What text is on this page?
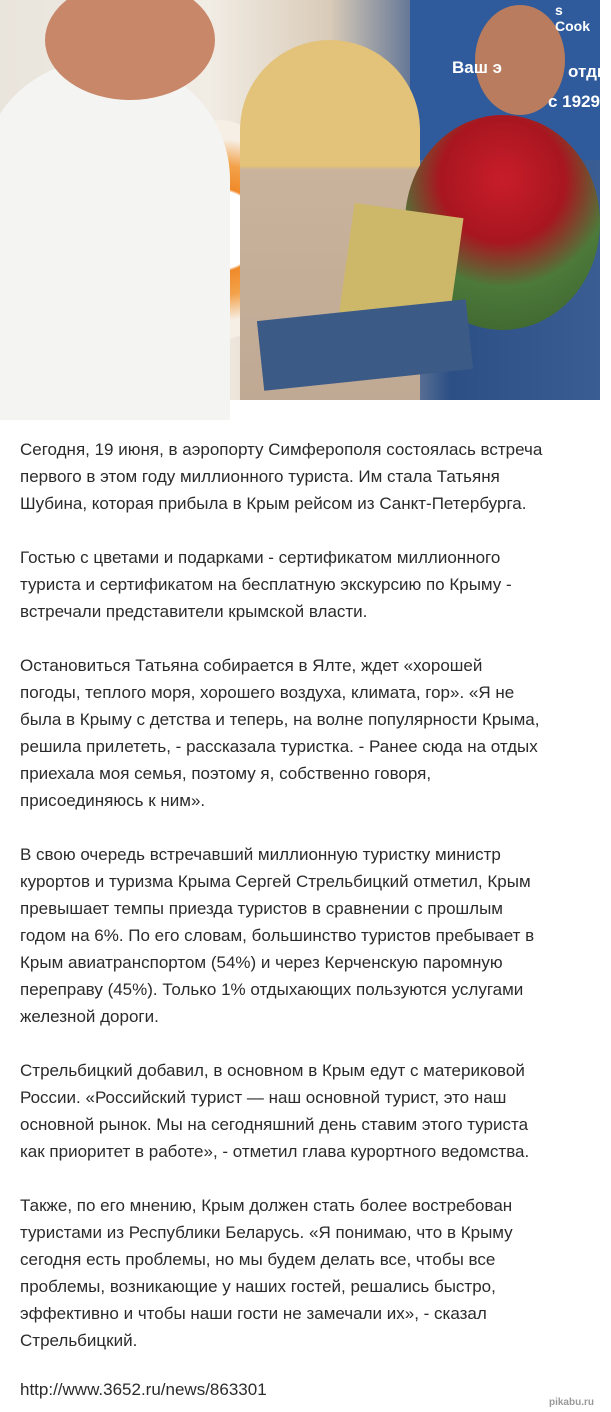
s Cook
Ваш э	отды
с 1929

Сегодня, 19 июня, в аэропорту Симферополя состоялась встреча
первого в этом году миллионного туриста. Им стала Татьяня
Шубина, которая прибыла в Крым рейсом из Санкт-Петербурга.

Гостью с цветами и подарками - сертификатом миллионного
туриста и сертификатом на бесплатную экскурсию по Крыму -
встречали представители крымской власти.

Остановиться Татьяна собирается в Ялте, ждет «хорошей
погоды, теплого моря, хорошего воздуха, климата, гор». «Я не
была в Крыму с детства и теперь, на волне популярности Крыма,
решила прилететь, - рассказала туристка. - Ранее сюда на отдых
приехала моя семья, поэтому я, собственно говоря,
присоединяюсь к ним».

В свою очередь встречавший миллионную туристку министр
курортов и туризма Крыма Сергей Стрельбицкий отметил, Крым
превышает темпы приезда туристов в сравнении с прошлым
годом на 6%. По его словам, большинство туристов пребывает в
Крым авиатранспортом (54%) и через Керченскую паромную
переправу (45%). Только 1% отдыхающих пользуются услугами
железной дороги.

Стрельбицкий добавил, в основном в Крым едут с материковой
России. «Российский турист — наш основной турист, это наш
основной рынок. Мы на сегодняшний день ставим этого туриста
как приоритет в работе», - отметил глава курортного ведомства.

Также, по его мнению, Крым должен стать более востребован
туристами из Республики Беларусь. «Я понимаю, что в Крыму
сегодня есть проблемы, но мы будем делать все, чтобы все
проблемы, возникающие у наших гостей, решались быстро,
эффективно и чтобы наши гости не замечали их», - сказал
Стрельбицкий.

http://www.3652.ru/news/863301
pikabu.ru
